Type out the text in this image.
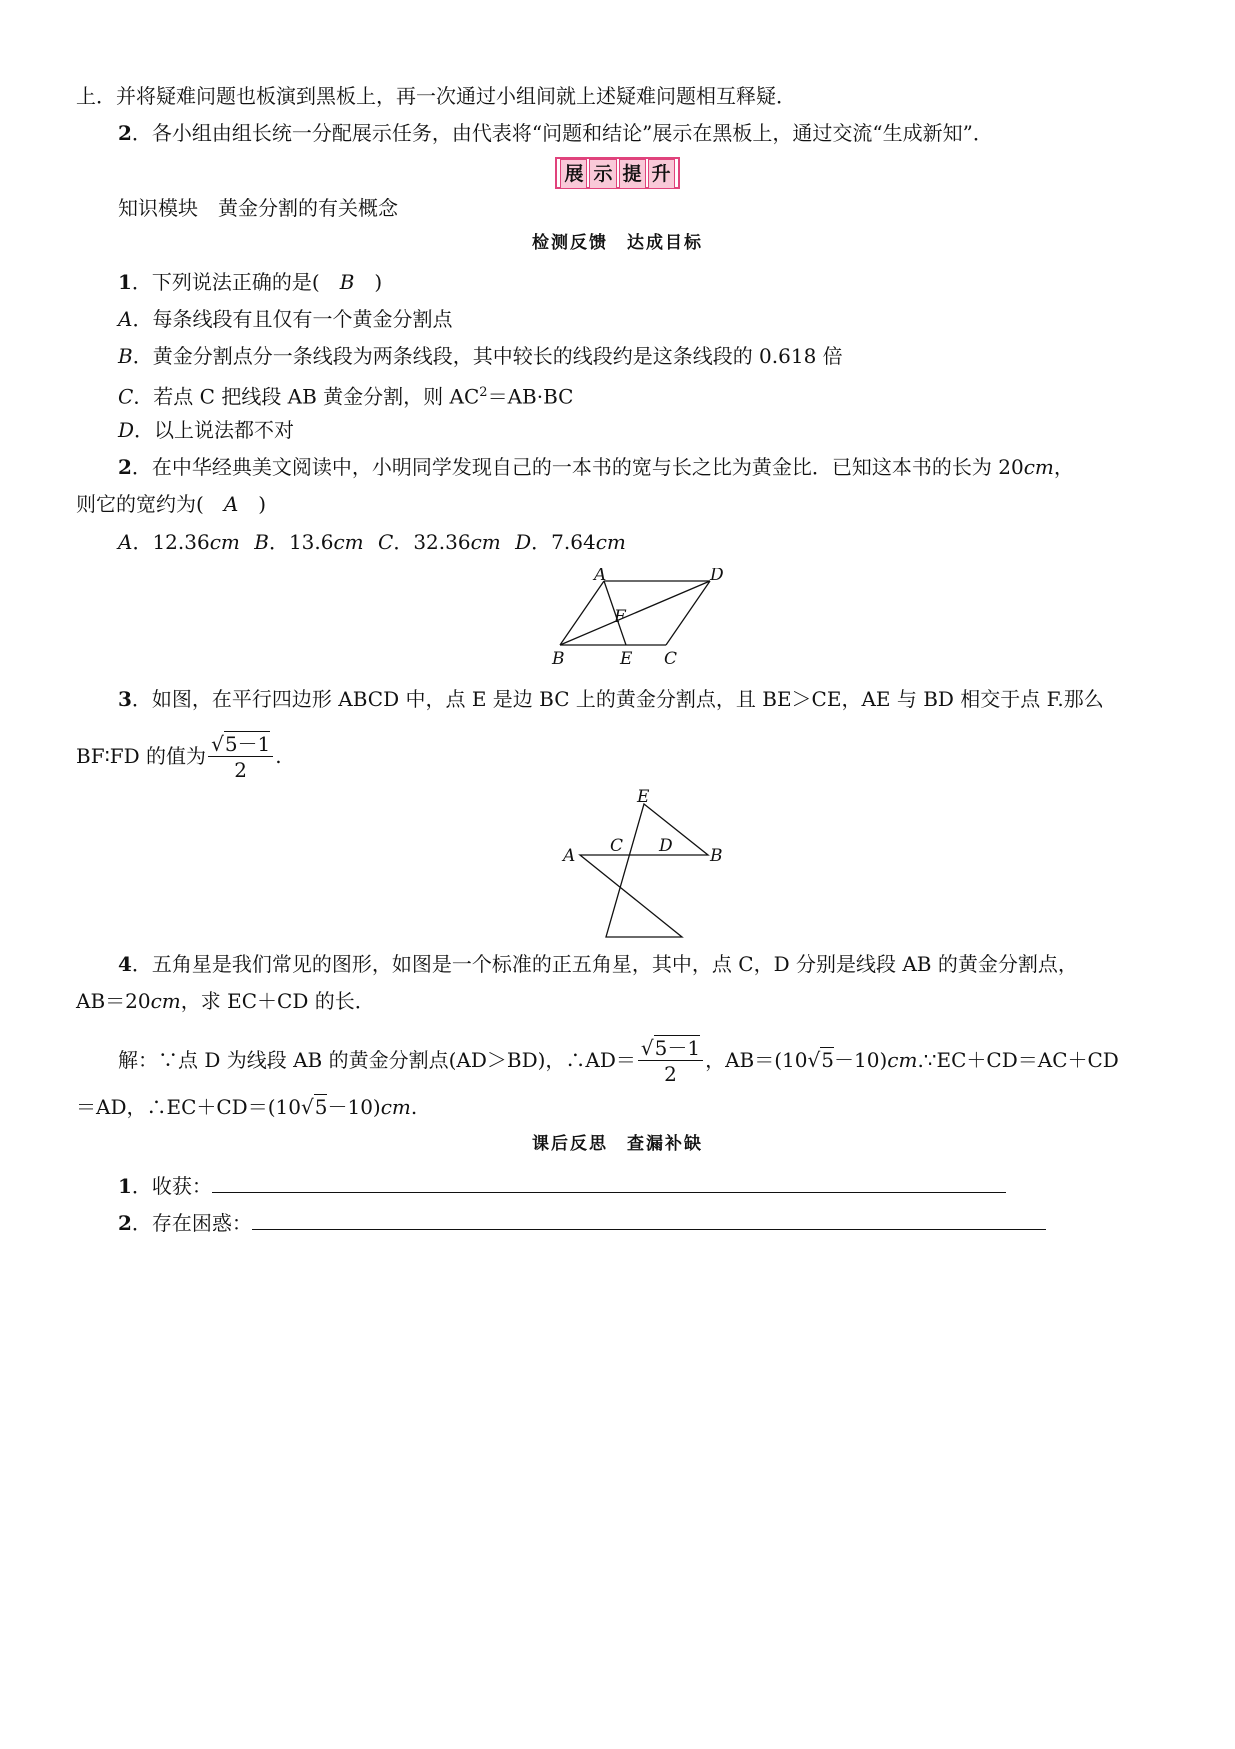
上．并将疑难问题也板演到黑板上，再一次通过小组间就上述疑难问题相互释疑．
2．各小组由组长统一分配展示任务，由代表将“问题和结论”展示在黑板上，通过交流“生成新知”．
展 示 提 升
知识模块　黄金分割的有关概念
检测反馈　达成目标
1．下列说法正确的是(　B　)
A．每条线段有且仅有一个黄金分割点
B．黄金分割点分一条线段为两条线段，其中较长的线段约是这条线段的 0.618 倍
C．若点 C 把线段 AB 黄金分割，则 $AC^2=AB\cdot BC$
D．以上说法都不对
2．在中华经典美文阅读中，小明同学发现自己的一本书的宽与长之比为黄金比．已知这本书的长为 20cm，
则它的宽约为(　A　)
A．12.36cm B．13.6cm C．32.36cm D．7.64cm
A	D
F
B	E C
3．如图，在平行四边形 ABCD 中，点 E 是边 BC 上的黄金分割点，且 BE＞CE，AE 与 BD 相交于点 F.那么
BF∶FD 的值为 $\frac{√5-1}{2}$ .
E
A C D B
4．五角星是我们常见的图形，如图是一个标准的正五角星，其中，点 C，D 分别是线段 AB 的黄金分割点，
AB＝20cm，求 EC＋CD 的长．
解：∵点 D 为线段 AB 的黄金分割点(AD＞BD)，∴AD＝ $\frac{√5-1}{2}$ ，AB＝(10√5－10)cm.∵EC＋CD＝AC＋CD
＝AD，∴EC＋CD＝(10√5－10)cm.
课后反思　查漏补缺
1．收获：
2．存在困惑：
